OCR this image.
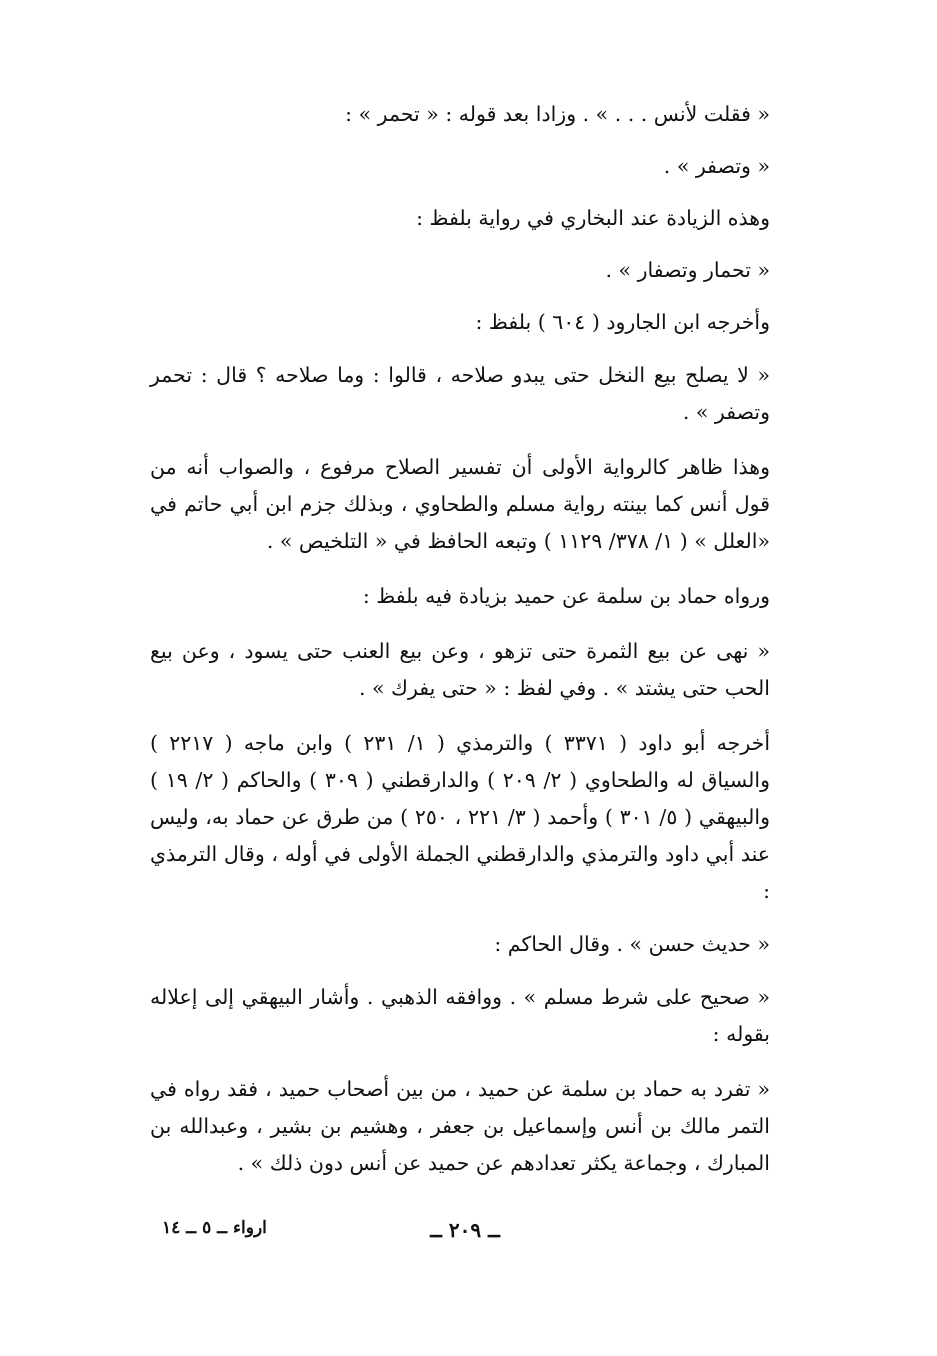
« فقلت لأنس . . . » . وزادا بعد قوله : « تحمر » :

« وتصفر » .

وهذه الزيادة عند البخاري في رواية بلفظ :

« تحمار وتصفار » .

وأخرجه ابن الجارود ( ٦٠٤ ) بلفظ :

« لا يصلح بيع النخل حتى يبدو صلاحه ، قالوا : وما صلاحه ؟ قال : تحمر وتصفر » .

وهذا ظاهر كالرواية الأولى أن تفسير الصلاح مرفوع ، والصواب أنه من قول أنس كما بينته رواية مسلم والطحاوي ، وبذلك جزم ابن أبي حاتم في «العلل » ( ١/ ٣٧٨/ ١١٢٩ ) وتبعه الحافظ في « التلخيص » .

ورواه حماد بن سلمة عن حميد بزيادة فيه بلفظ :

« نهى عن بيع الثمرة حتى تزهو ، وعن بيع العنب حتى يسود ، وعن بيع الحب حتى يشتد » . وفي لفظ : « حتى يفرك » .

أخرجه أبو داود ( ٣٣٧١ ) والترمذي ( ١/ ٢٣١ ) وابن ماجه ( ٢٢١٧ ) والسياق له والطحاوي ( ٢/ ٢٠٩ ) والدارقطني ( ٣٠٩ ) والحاكم ( ٢/ ١٩ ) والبيهقي ( ٥/ ٣٠١ ) وأحمد ( ٣/ ٢٢١ ، ٢٥٠ ) من طرق عن حماد به، وليس عند أبي داود والترمذي والدارقطني الجملة الأولى في أوله ، وقال الترمذي :

« حديث حسن » . وقال الحاكم :

« صحيح على شرط مسلم » . ووافقه الذهبي . وأشار البيهقي إلى إعلاله بقوله :

« تفرد به حماد بن سلمة عن حميد ، من بين أصحاب حميد ، فقد رواه في التمر مالك بن أنس وإسماعيل بن جعفر ، وهشيم بن بشير ، وعبدالله بن المبارك ، وجماعة يكثر تعدادهم عن حميد عن أنس دون ذلك » .

ــ ٢٠٩ ــ
ارواء ــ ٥ ــ ١٤
